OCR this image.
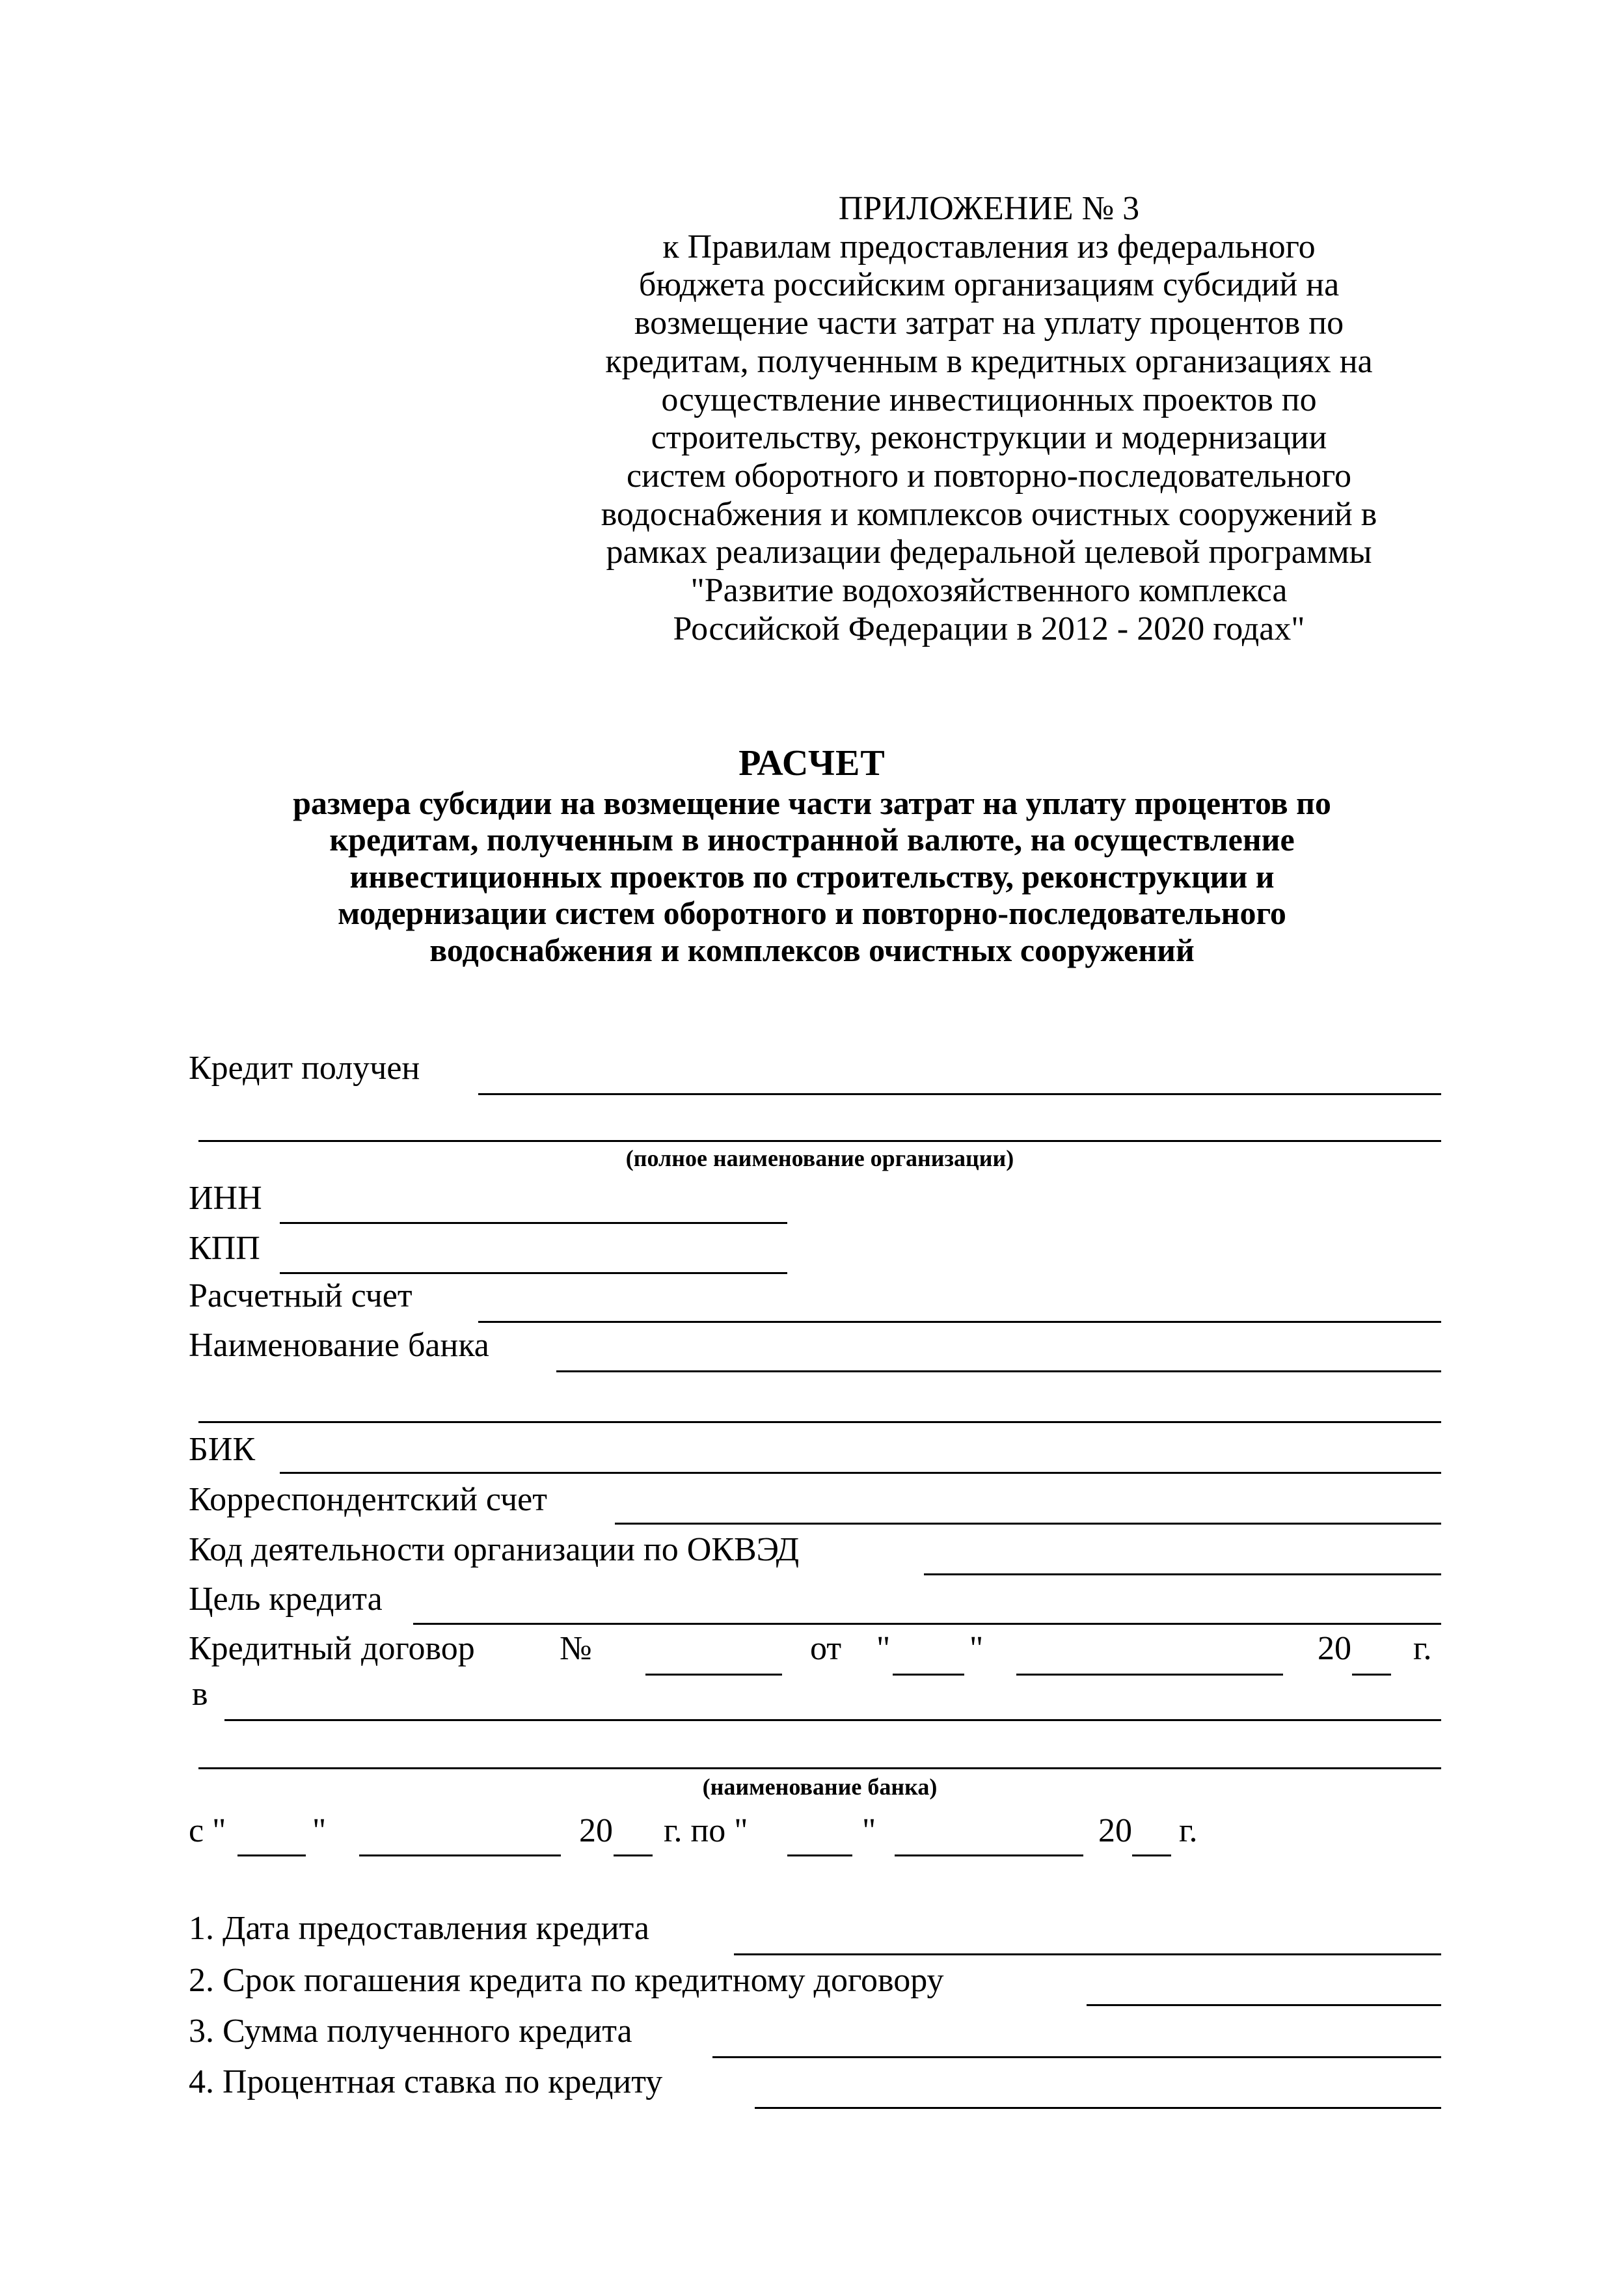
ПРИЛОЖЕНИЕ № 3
к Правилам предоставления из федерального
бюджета российским организациям субсидий на
возмещение части затрат на уплату процентов по
кредитам, полученным в кредитных организациях на
осуществление инвестиционных проектов по
строительству, реконструкции и модернизации
систем оборотного и повторно-последовательного
водоснабжения и комплексов очистных сооружений в
рамках реализации федеральной целевой программы
"Развитие водохозяйственного комплекса
Российской Федерации в 2012 - 2020 годах"
РАСЧЕТ
размера субсидии на возмещение части затрат на уплату процентов по
кредитам, полученным в иностранной валюте, на осуществление
инвестиционных проектов по строительству, реконструкции и
модернизации систем оборотного и повторно-последовательного
водоснабжения и комплексов очистных сооружений
Кредит получен
(полное наименование организации)
ИНН
КПП
Расчетный счет
Наименование банка
БИК
Корреспондентский счет
Код деятельности организации по ОКВЭД
Цель кредита
Кредитный договор	№	от " "	20 г.
в
(наименование банка)
с "	"	20 г. по "	"	20 г.
1. Дата предоставления кредита
2. Срок погашения кредита по кредитному договору
3. Сумма полученного кредита
4. Процентная ставка по кредиту
